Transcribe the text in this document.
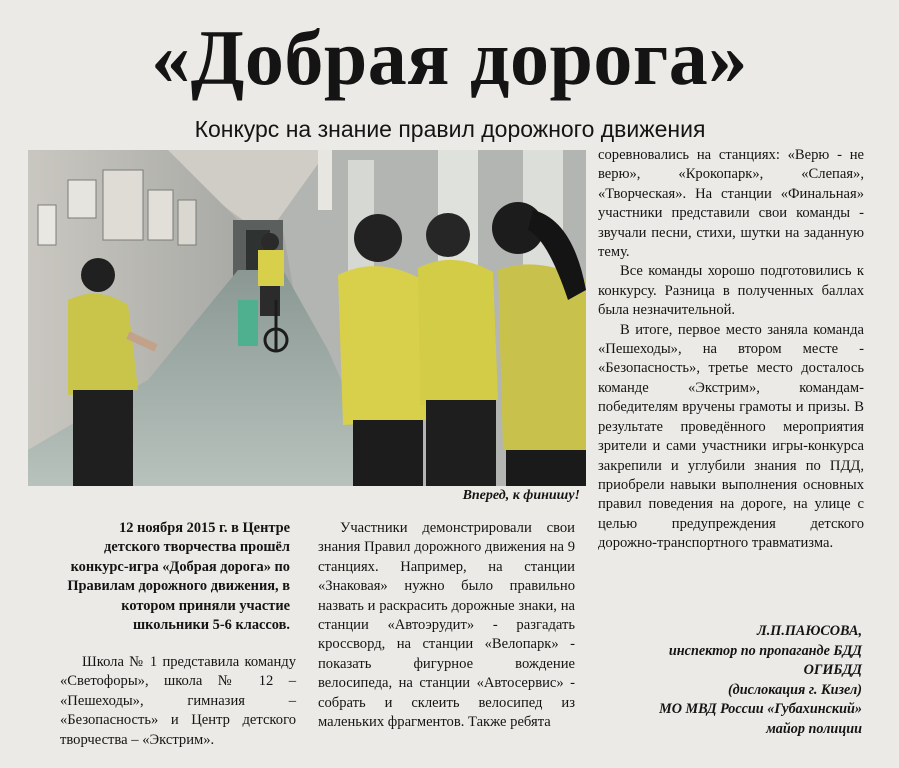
«Добрая дорога»
Конкурс на знание правил дорожного движения
Вперед, к финишу!
12 ноября 2015 г. в Центре детского творчества прошёл конкурс-игра «Добрая дорога» по Правилам дорожного движения, в котором приняли участие школьники 5-6 классов.

Школа № 1 представила команду «Светофоры», школа № 12 – «Пешеходы», гимназия – «Безопасность» и Центр детского творчества – «Экстрим».

Участники демонстрировали свои знания Правил дорожного движения на 9 станциях. Например, на станции «Знаковая» нужно было правильно назвать и раскрасить дорожные знаки, на станции «Автоэрудит» - разгадать кроссворд, на станции «Велопарк» - показать фигурное вождение велосипеда, на станции «Автосервис» - собрать и склеить велосипед из маленьких фрагментов. Также ребята

соревновались на станциях: «Верю - не верю», «Крокопарк», «Слепая», «Творческая». На станции «Финальная» участники представили свои команды - звучали песни, стихи, шутки на заданную тему.

Все команды хорошо подготовились к конкурсу. Разница в полученных баллах была незначительной.

В итоге, первое место заняла команда «Пешеходы», на втором месте - «Безопасность», третье место досталось команде «Экстрим», командам-победителям вручены грамоты и призы. В результате проведённого мероприятия зрители и сами участники игры-конкурса закрепили и углубили знания по ПДД, приобрели навыки выполнения основных правил поведения на дороге, на улице с целью предупреждения детского дорожно-транспортного травматизма.

Л.П.ПАЮСОВА,
инспектор по пропаганде БДД
ОГИБДД
(дислокация г. Кизел)
МО МВД России «Губахинский»
майор полиции
